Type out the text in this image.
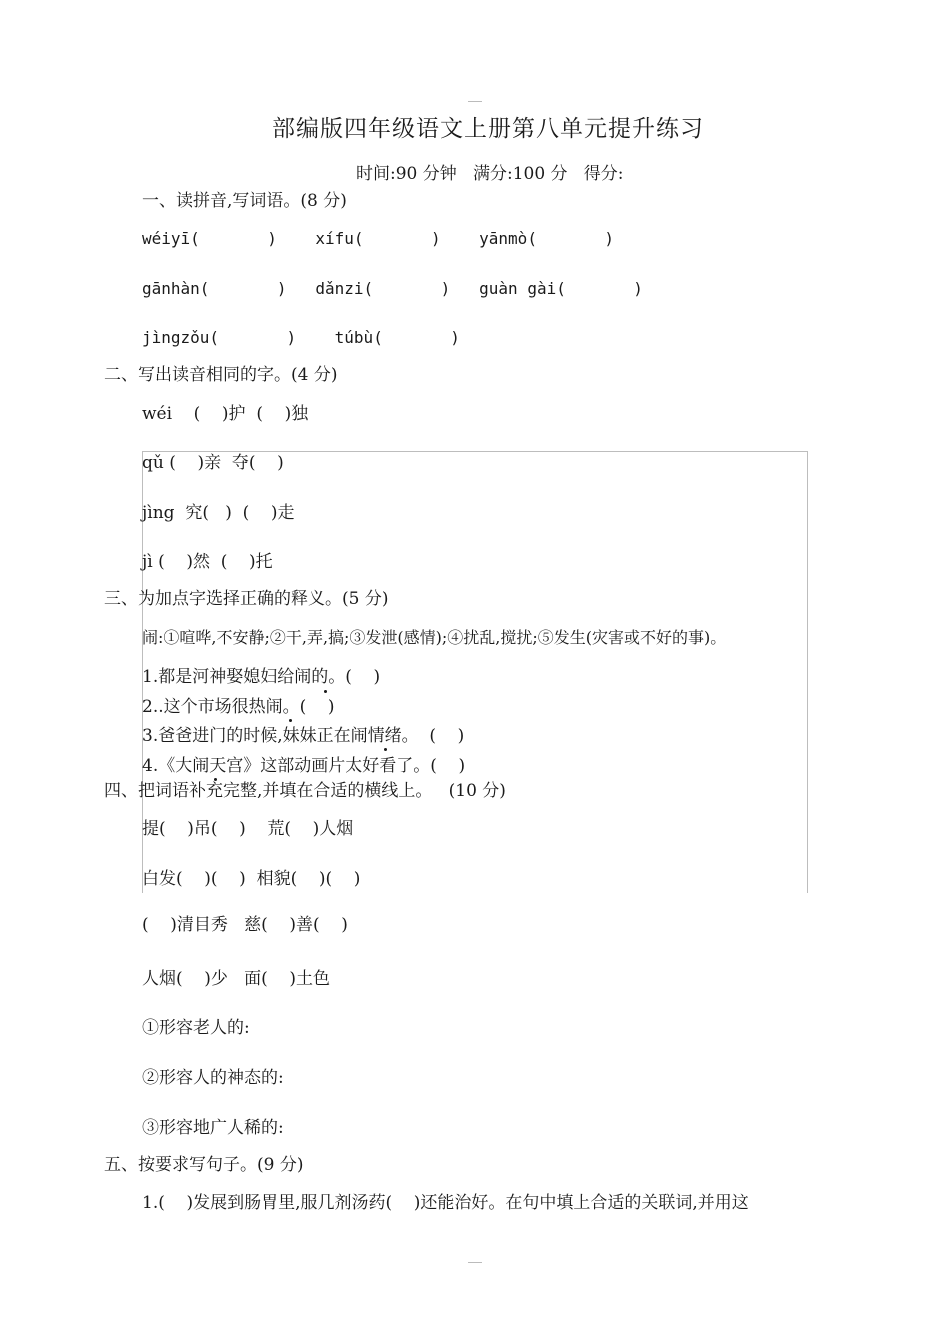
部编版四年级语文上册第八单元提升练习
时间:90 分钟   满分:100 分   得分:
一、读拼音,写词语。(8 分)
wéiyī(       )    xífu(       )    yānmò(       )
gānhàn(       )   dǎnzi(       )   guàn gài(       )
jìngzǒu(       )    túbù(       )
二、写出读音相同的字。(4 分)
wéi    (    )护  (    )独
qǔ (    )亲  夺(    )
jìng  究(   )  (    )走
jì (    )然  (    )托
三、为加点字选择正确的释义。(5 分)
闹:①喧哗,不安静;②干,弄,搞;③发泄(感情);④扰乱,搅扰;⑤发生(灾害或不好的事)。
1.都是河神娶媳妇给闹的。(    )
2..这个市场很热闹。(    )
3.爸爸进门的时候,妹妹正在闹情绪。  (    )
4.《大闹天宫》这部动画片太好看了。(    )
四、把词语补充完整,并填在合适的横线上。   (10 分)
提(    )吊(    )    荒(    )人烟
白发(    )(    )  相貌(    )(    )
(    )清目秀   慈(    )善(    )
人烟(    )少   面(    )土色
①形容老人的:
②形容人的神态的:
③形容地广人稀的:
五、按要求写句子。(9 分)
1.(    )发展到肠胃里,服几剂汤药(    )还能治好。在句中填上合适的关联词,并用这
